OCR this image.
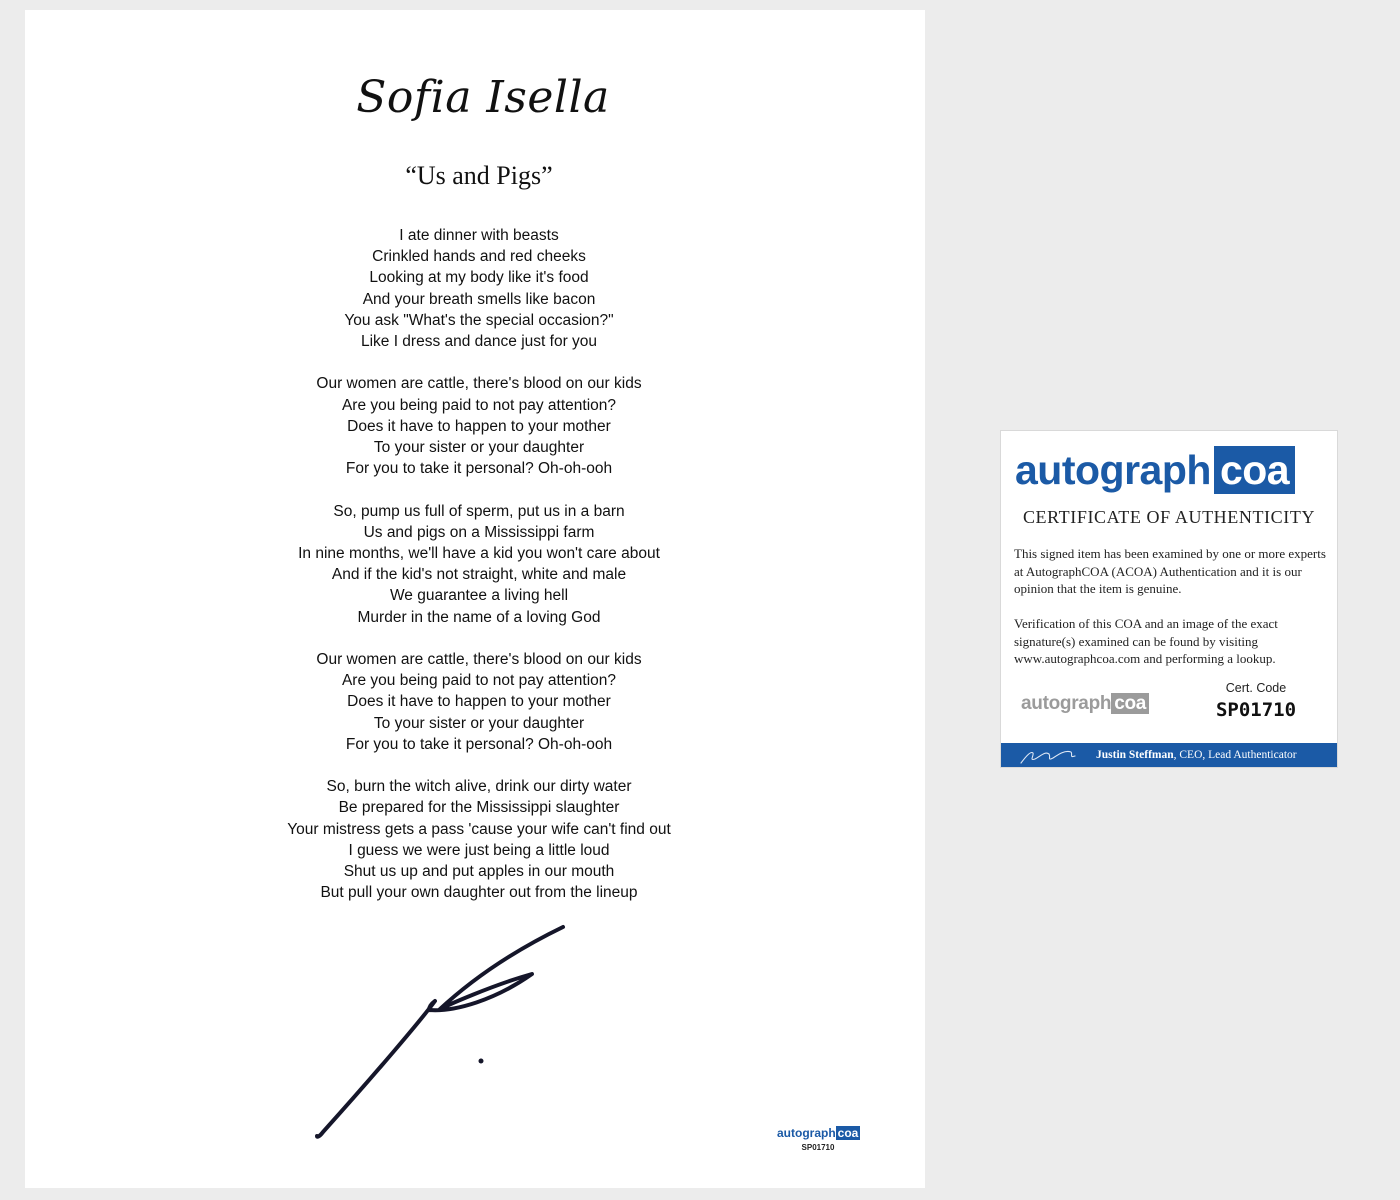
Sofia Isella
“Us and Pigs”
I ate dinner with beasts
Crinkled hands and red cheeks
Looking at my body like it's food
And your breath smells like bacon
You ask "What's the special occasion?"
Like I dress and dance just for you
Our women are cattle, there's blood on our kids
Are you being paid to not pay attention?
Does it have to happen to your mother
To your sister or your daughter
For you to take it personal? Oh-oh-ooh
So, pump us full of sperm, put us in a barn
Us and pigs on a Mississippi farm
In nine months, we'll have a kid you won't care about
And if the kid's not straight, white and male
We guarantee a living hell
Murder in the name of a loving God
Our women are cattle, there's blood on our kids
Are you being paid to not pay attention?
Does it have to happen to your mother
To your sister or your daughter
For you to take it personal? Oh-oh-ooh
So, burn the witch alive, drink our dirty water
Be prepared for the Mississippi slaughter
Your mistress gets a pass 'cause your wife can't find out
I guess we were just being a little loud
Shut us up and put apples in our mouth
But pull your own daughter out from the lineup
autograph coa
SP01710
autograph coa
CERTIFICATE OF AUTHENTICITY
This signed item has been examined by one or more experts at AutographCOA (ACOA) Authentication and it is our opinion that the item is genuine.
Verification of this COA and an image of the exact signature(s) examined can be found by visiting www.autographcoa.com and performing a lookup.
autograph coa
Cert. Code
SP01710
Justin Steffman, CEO, Lead Authenticator
